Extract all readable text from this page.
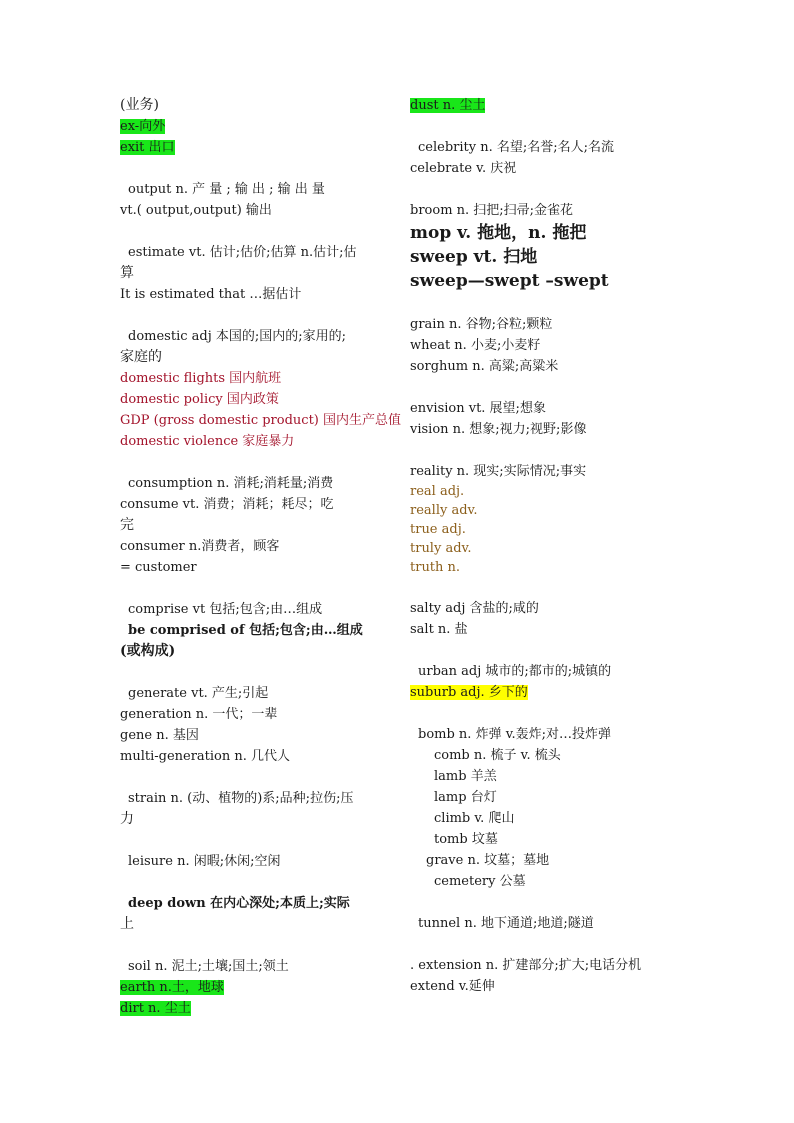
(业务)
ex-向外
exit 出口
output n. 产 量 ; 输 出 ; 输 出 量
vt.( output,output) 输出
estimate vt. 估计;估价;估算 n.估计;估
算
It is estimated that …据估计
domestic adj 本国的;国内的;家用的;
家庭的
domestic flights 国内航班
domestic policy 国内政策
GDP (gross domestic product) 国内生产总值
domestic violence 家庭暴力
consumption n. 消耗;消耗量;消费
consume vt. 消费；消耗；耗尽；吃
完
consumer n.消费者，顾客
= customer
comprise vt 包括;包含;由…组成
be comprised of 包括;包含;由…组成
(或构成)
generate vt. 产生;引起
generation n. 一代；一辈
gene n. 基因
multi-generation n. 几代人
strain n. (动、植物的)系;品种;拉伤;压
力
leisure n. 闲暇;休闲;空闲
deep down 在内心深处;本质上;实际
上
soil n. 泥土;土壤;国土;领土
earth n.土，地球
dirt n. 尘土
dust n. 尘土
celebrity n. 名望;名誉;名人;名流
celebrate v. 庆祝
broom n. 扫把;扫帚;金雀花
mop v. 拖地，n. 拖把
sweep vt. 扫地
sweep—swept –swept
grain n. 谷物;谷粒;颗粒
wheat n. 小麦;小麦籽
sorghum n. 高粱;高粱米
envision vt. 展望;想象
vision n. 想象;视力;视野;影像
reality n. 现实;实际情况;事实
real adj.
really adv.
true adj.
truly adv.
truth n.
salty adj 含盐的;咸的
salt n. 盐
urban adj 城市的;都市的;城镇的
suburb adj. 乡下的
bomb n. 炸弹 v.轰炸;对…投炸弹
comb n. 梳子 v. 梳头
lamb 羊羔
lamp 台灯
climb v. 爬山
tomb 坟墓
grave n. 坟墓；墓地
cemetery 公墓
tunnel n. 地下通道;地道;隧道
. extension n. 扩建部分;扩大;电话分机
extend v.延伸
